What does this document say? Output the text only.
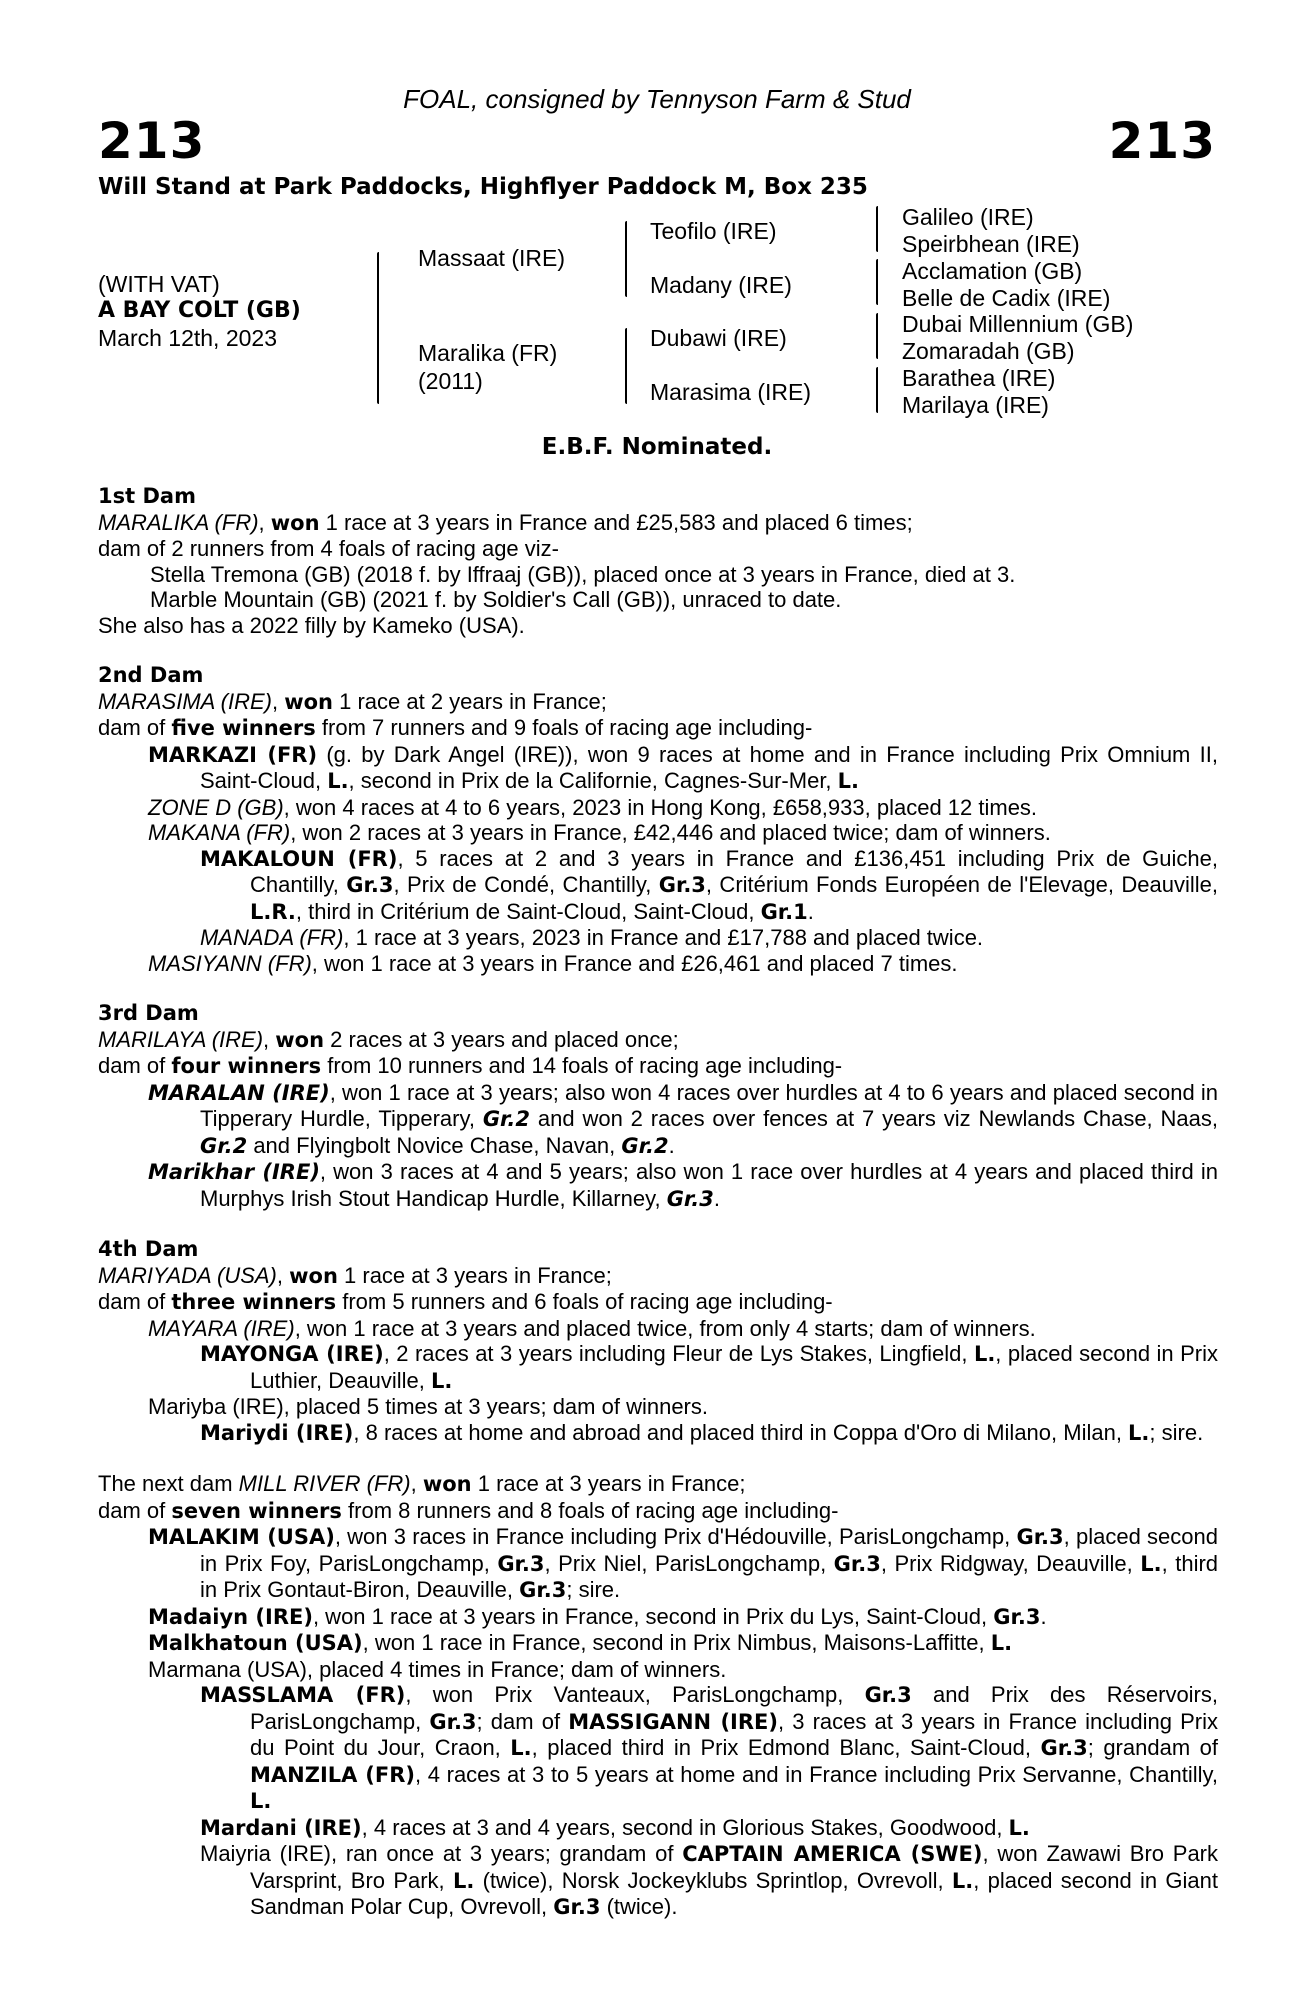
FOAL, consigned by Tennyson Farm & Stud
213	213
Will Stand at Park Paddocks, Highflyer Paddock M, Box 235
(WITH VAT)
A BAY COLT (GB)
March 12th, 2023
Massaat (IRE)
Maralika (FR)
(2011)
Teofilo (IRE)
Madany (IRE)
Dubawi (IRE)
Marasima (IRE)
Galileo (IRE)
Speirbhean (IRE)
Acclamation (GB)
Belle de Cadix (IRE)
Dubai Millennium (GB)
Zomaradah (GB)
Barathea (IRE)
Marilaya (IRE)
E.B.F. Nominated.
1st Dam
MARALIKA (FR), won 1 race at 3 years in France and £25,583 and placed 6 times;
dam of 2 runners from 4 foals of racing age viz-
Stella Tremona (GB) (2018 f. by Iffraaj (GB)), placed once at 3 years in France, died at 3.
Marble Mountain (GB) (2021 f. by Soldier's Call (GB)), unraced to date.
She also has a 2022 filly by Kameko (USA).
2nd Dam
MARASIMA (IRE), won 1 race at 2 years in France;
dam of five winners from 7 runners and 9 foals of racing age including-
MARKAZI (FR) (g. by Dark Angel (IRE)), won 9 races at home and in France including Prix Omnium II, Saint-Cloud, L., second in Prix de la Californie, Cagnes-Sur-Mer, L.
ZONE D (GB), won 4 races at 4 to 6 years, 2023 in Hong Kong, £658,933, placed 12 times.
MAKANA (FR), won 2 races at 3 years in France, £42,446 and placed twice; dam of winners.
MAKALOUN (FR), 5 races at 2 and 3 years in France and £136,451 including Prix de Guiche, Chantilly, Gr.3, Prix de Condé, Chantilly, Gr.3, Critérium Fonds Européen de l'Elevage, Deauville, L.R., third in Critérium de Saint-Cloud, Saint-Cloud, Gr.1.
MANADA (FR), 1 race at 3 years, 2023 in France and £17,788 and placed twice.
MASIYANN (FR), won 1 race at 3 years in France and £26,461 and placed 7 times.
3rd Dam
MARILAYA (IRE), won 2 races at 3 years and placed once;
dam of four winners from 10 runners and 14 foals of racing age including-
MARALAN (IRE), won 1 race at 3 years; also won 4 races over hurdles at 4 to 6 years and placed second in Tipperary Hurdle, Tipperary, Gr.2 and won 2 races over fences at 7 years viz Newlands Chase, Naas, Gr.2 and Flyingbolt Novice Chase, Navan, Gr.2.
Marikhar (IRE), won 3 races at 4 and 5 years; also won 1 race over hurdles at 4 years and placed third in Murphys Irish Stout Handicap Hurdle, Killarney, Gr.3.
4th Dam
MARIYADA (USA), won 1 race at 3 years in France;
dam of three winners from 5 runners and 6 foals of racing age including-
MAYARA (IRE), won 1 race at 3 years and placed twice, from only 4 starts; dam of winners.
MAYONGA (IRE), 2 races at 3 years including Fleur de Lys Stakes, Lingfield, L., placed second in Prix Luthier, Deauville, L.
Mariyba (IRE), placed 5 times at 3 years; dam of winners.
Mariydi (IRE), 8 races at home and abroad and placed third in Coppa d'Oro di Milano, Milan, L.; sire.
The next dam MILL RIVER (FR), won 1 race at 3 years in France;
dam of seven winners from 8 runners and 8 foals of racing age including-
MALAKIM (USA), won 3 races in France including Prix d'Hédouville, ParisLongchamp, Gr.3, placed second in Prix Foy, ParisLongchamp, Gr.3, Prix Niel, ParisLongchamp, Gr.3, Prix Ridgway, Deauville, L., third in Prix Gontaut-Biron, Deauville, Gr.3; sire.
Madaiyn (IRE), won 1 race at 3 years in France, second in Prix du Lys, Saint-Cloud, Gr.3.
Malkhatoun (USA), won 1 race in France, second in Prix Nimbus, Maisons-Laffitte, L.
Marmana (USA), placed 4 times in France; dam of winners.
MASSLAMA (FR), won Prix Vanteaux, ParisLongchamp, Gr.3 and Prix des Réservoirs, ParisLongchamp, Gr.3; dam of MASSIGANN (IRE), 3 races at 3 years in France including Prix du Point du Jour, Craon, L., placed third in Prix Edmond Blanc, Saint-Cloud, Gr.3; grandam of MANZILA (FR), 4 races at 3 to 5 years at home and in France including Prix Servanne, Chantilly, L.
Mardani (IRE), 4 races at 3 and 4 years, second in Glorious Stakes, Goodwood, L.
Maiyria (IRE), ran once at 3 years; grandam of CAPTAIN AMERICA (SWE), won Zawawi Bro Park Varsprint, Bro Park, L. (twice), Norsk Jockeyklubs Sprintlop, Ovrevoll, L., placed second in Giant Sandman Polar Cup, Ovrevoll, Gr.3 (twice).
